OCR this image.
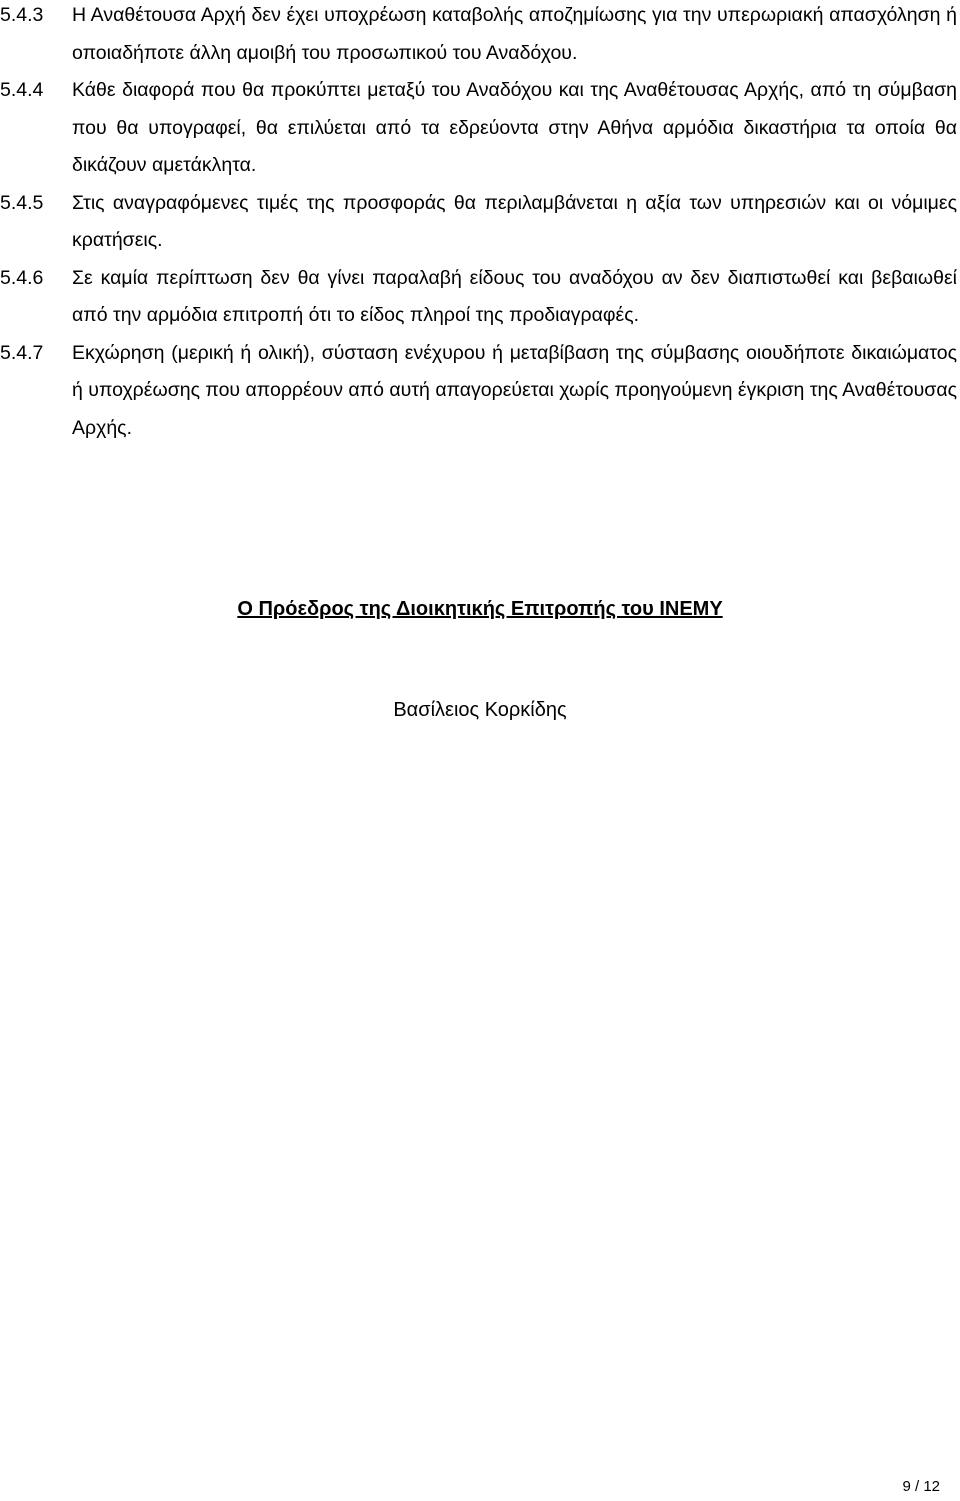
5.4.3	Η Αναθέτουσα Αρχή δεν έχει υποχρέωση καταβολής αποζημίωσης για την υπερωριακή απασχόληση ή οποιαδήποτε άλλη αμοιβή του προσωπικού του Αναδόχου.
5.4.4	Κάθε διαφορά που θα προκύπτει μεταξύ του Αναδόχου και της Αναθέτουσας Αρχής, από τη σύμβαση που θα υπογραφεί, θα επιλύεται από τα εδρεύοντα στην Αθήνα αρμόδια δικαστήρια τα οποία θα δικάζουν αμετάκλητα.
5.4.5	Στις αναγραφόμενες τιμές της προσφοράς θα περιλαμβάνεται η αξία των υπηρεσιών και οι νόμιμες κρατήσεις.
5.4.6	Σε καμία περίπτωση δεν θα γίνει παραλαβή είδους του αναδόχου αν δεν διαπιστωθεί και βεβαιωθεί από την αρμόδια επιτροπή ότι το είδος πληροί της προδιαγραφές.
5.4.7	Εκχώρηση (μερική ή ολική), σύσταση ενέχυρου ή μεταβίβαση της σύμβασης οιουδήποτε δικαιώματος ή υποχρέωσης που απορρέουν από αυτή απαγορεύεται χωρίς προηγούμενη έγκριση της Αναθέτουσας Αρχής.
Ο Πρόεδρος της Διοικητικής Επιτροπής του ΙΝΕΜΥ
Βασίλειος Κορκίδης
9 / 12
